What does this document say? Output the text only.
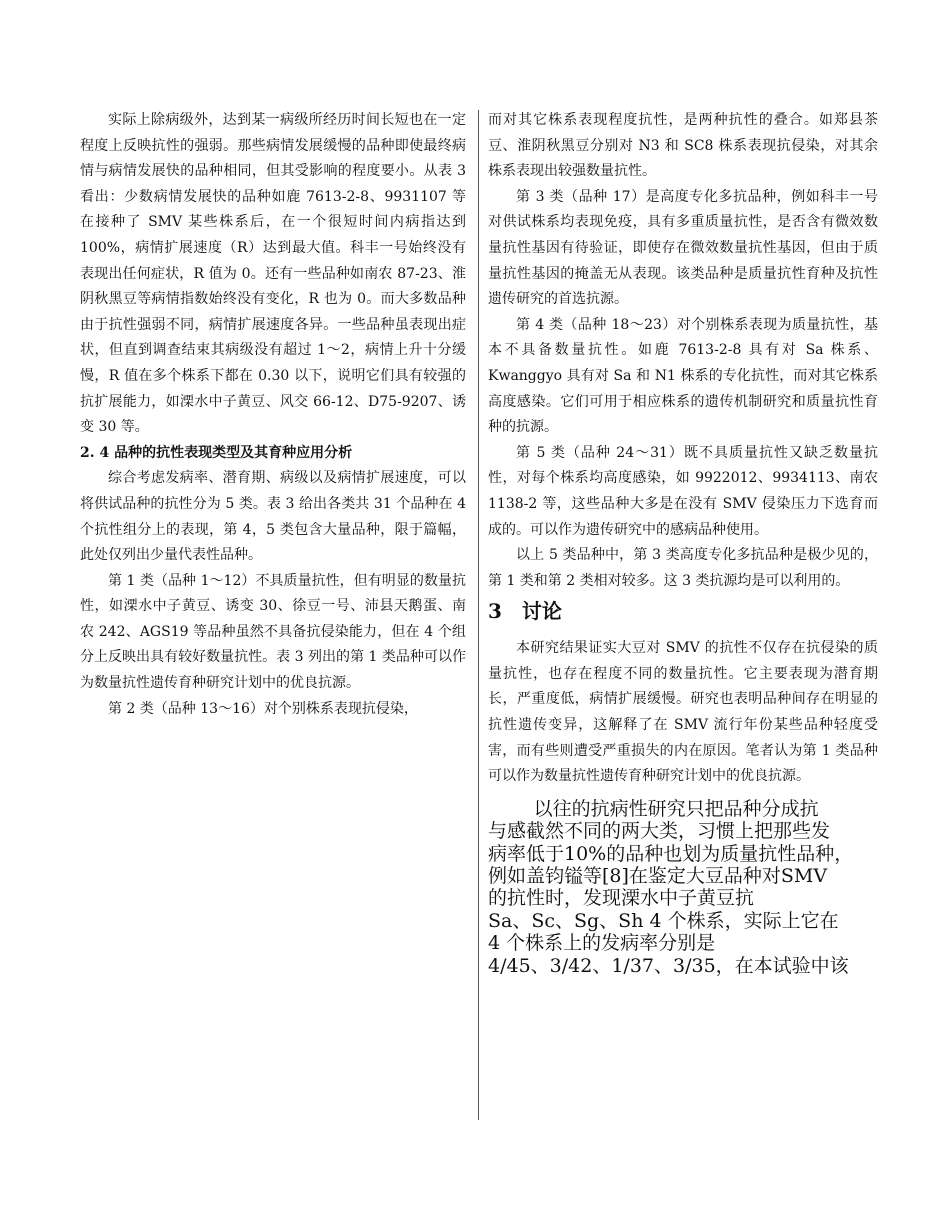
实际上除病级外，达到某一病级所经历时间长短也在一定程度上反映抗性的强弱。那些病情发展缓慢的品种即使最终病情与病情发展快的品种相同，但其受影响的程度要小。从表 3 看出：少数病情发展快的品种如鹿 7613-2-8、9931107 等在接种了 SMV 某些株系后，在一个很短时间内病指达到 100%，病情扩展速度（R）达到最大值。科丰一号始终没有表现出任何症状，R 值为 0。还有一些品种如南农 87-23、淮阴秋黑豆等病情指数始终没有变化，R 也为 0。而大多数品种由于抗性强弱不同，病情扩展速度各异。一些品种虽表现出症状，但直到调查结束其病级没有超过 1～2，病情上升十分缓慢，R 值在多个株系下都在 0.30 以下，说明它们具有较强的抗扩展能力，如溧水中子黄豆、风交 66-12、D75-9207、诱变 30 等。

2. 4 品种的抗性表现类型及其育种应用分析

综合考虑发病率、潜育期、病级以及病情扩展速度，可以将供试品种的抗性分为 5 类。表 3 给出各类共 31 个品种在 4 个抗性组分上的表现，第 4，5 类包含大量品种，限于篇幅，此处仅列出少量代表性品种。

第 1 类（品种 1～12）不具质量抗性，但有明显的数量抗性，如溧水中子黄豆、诱变 30、徐豆一号、沛县天鹅蛋、南农 242、AGS19 等品种虽然不具备抗侵染能力，但在 4 个组分上反映出具有较好数量抗性。表 3 列出的第 1 类品种可以作为数量抗性遗传育种研究计划中的优良抗源。

第 2 类（品种 13～16）对个别株系表现抗侵染，

而对其它株系表现程度抗性，是两种抗性的叠合。如郑县茶豆、淮阴秋黑豆分别对 N3 和 SC8 株系表现抗侵染，对其余株系表现出较强数量抗性。

第 3 类（品种 17）是高度专化多抗品种，例如科丰一号对供试株系均表现免疫，具有多重质量抗性，是否含有微效数量抗性基因有待验证，即使存在微效数量抗性基因，但由于质量抗性基因的掩盖无从表现。该类品种是质量抗性育种及抗性遗传研究的首选抗源。

第 4 类（品种 18～23）对个别株系表现为质量抗性，基本不具备数量抗性。如鹿 7613-2-8 具有对 Sa 株系、Kwanggyo 具有对 Sa 和 N1 株系的专化抗性，而对其它株系高度感染。它们可用于相应株系的遗传机制研究和质量抗性育种的抗源。

第 5 类（品种 24～31）既不具质量抗性又缺乏数量抗性，对每个株系均高度感染，如 9922012、9934113、南农 1138-2 等，这些品种大多是在没有 SMV 侵染压力下选育而成的。可以作为遗传研究中的感病品种使用。

以上 5 类品种中，第 3 类高度专化多抗品种是极少见的，第 1 类和第 2 类相对较多。这 3 类抗源均是可以利用的。

3　讨论

本研究结果证实大豆对 SMV 的抗性不仅存在抗侵染的质量抗性，也存在程度不同的数量抗性。它主要表现为潜育期长，严重度低，病情扩展缓慢。研究也表明品种间存在明显的抗性遗传变异，这解释了在 SMV 流行年份某些品种轻度受害，而有些则遭受严重损失的内在原因。笔者认为第 1 类品种可以作为数量抗性遗传育种研究计划中的优良抗源。

以往的抗病性研究只把品种分成抗

与感截然不同的两大类，习惯上把那些发

病率低于10%的品种也划为质量抗性品种，

例如盖钧镒等[8]在鉴定大豆品种对SMV

的抗性时，发现溧水中子黄豆抗

Sa、Sc、Sg、Sh 4 个株系，实际上它在

4 个株系上的发病率分别是

4/45、3/42、1/37、3/35，在本试验中该
